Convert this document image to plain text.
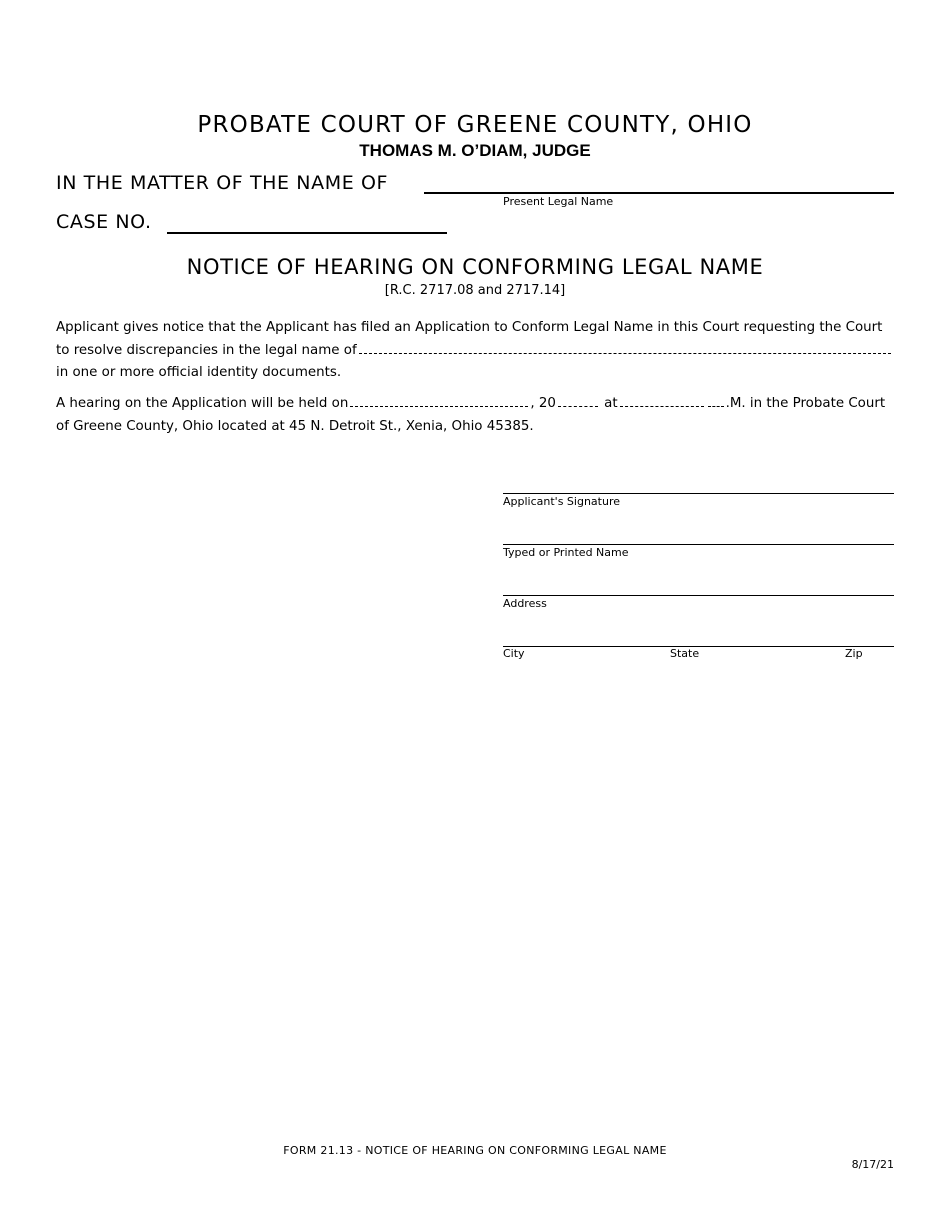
PROBATE COURT OF GREENE COUNTY, OHIO
THOMAS M. O’DIAM, JUDGE
IN THE MATTER OF THE NAME OF
Present Legal Name
CASE NO.
NOTICE OF HEARING ON CONFORMING LEGAL NAME
[R.C. 2717.08 and 2717.14]
Applicant gives notice that the Applicant has filed an Application to Conform Legal Name in this Court requesting the Court
to resolve discrepancies in the legal name of
in one or more official identity documents.
A hearing on the Application will be held on	, 20	at	.M. in the Probate Court
of Greene County, Ohio located at 45 N. Detroit St., Xenia, Ohio 45385.
Applicant's Signature
Typed or Printed Name
Address
City	State	Zip
FORM 21.13 - NOTICE OF HEARING ON CONFORMING LEGAL NAME
8/17/21
